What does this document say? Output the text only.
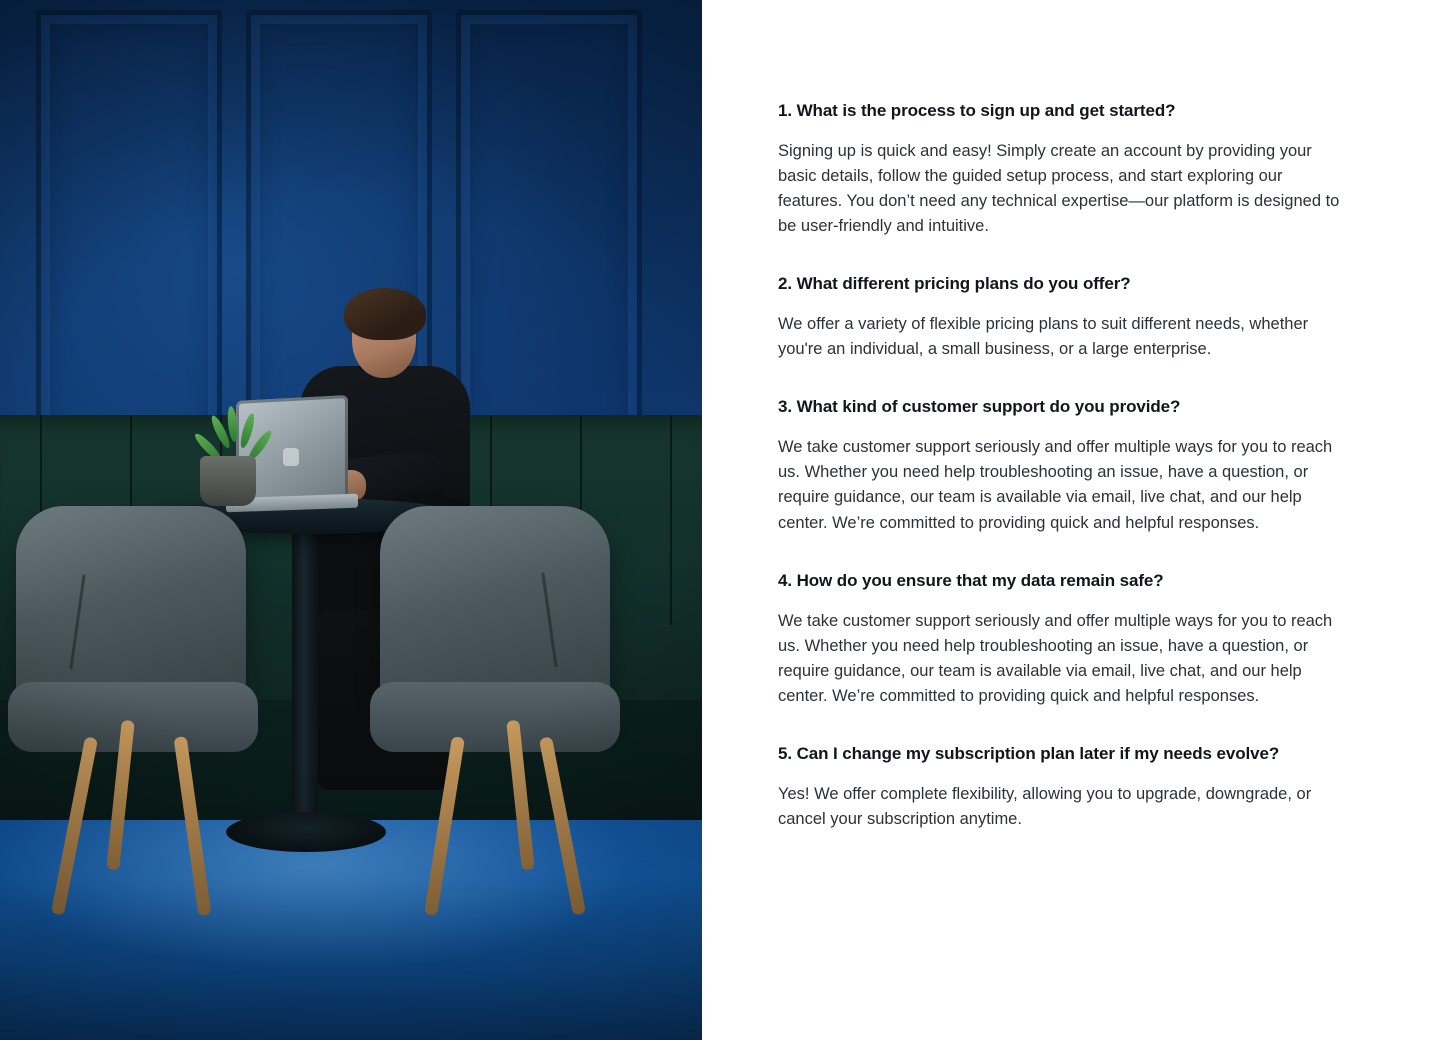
1. What is the process to sign up and get started?

Signing up is quick and easy! Simply create an account by providing your basic details, follow the guided setup process, and start exploring our features. You don’t need any technical expertise—our platform is designed to be user-friendly and intuitive.

2. What different pricing plans do you offer?

We offer a variety of flexible pricing plans to suit different needs, whether you're an individual, a small business, or a large enterprise.

3. What kind of customer support do you provide?

We take customer support seriously and offer multiple ways for you to reach us. Whether you need help troubleshooting an issue, have a question, or require guidance, our team is available via email, live chat, and our help center. We’re committed to providing quick and helpful responses.

4. How do you ensure that my data remain safe?

We take customer support seriously and offer multiple ways for you to reach us. Whether you need help troubleshooting an issue, have a question, or require guidance, our team is available via email, live chat, and our help center. We’re committed to providing quick and helpful responses.

5. Can I change my subscription plan later if my needs evolve?

Yes! We offer complete flexibility, allowing you to upgrade, downgrade, or cancel your subscription anytime.
